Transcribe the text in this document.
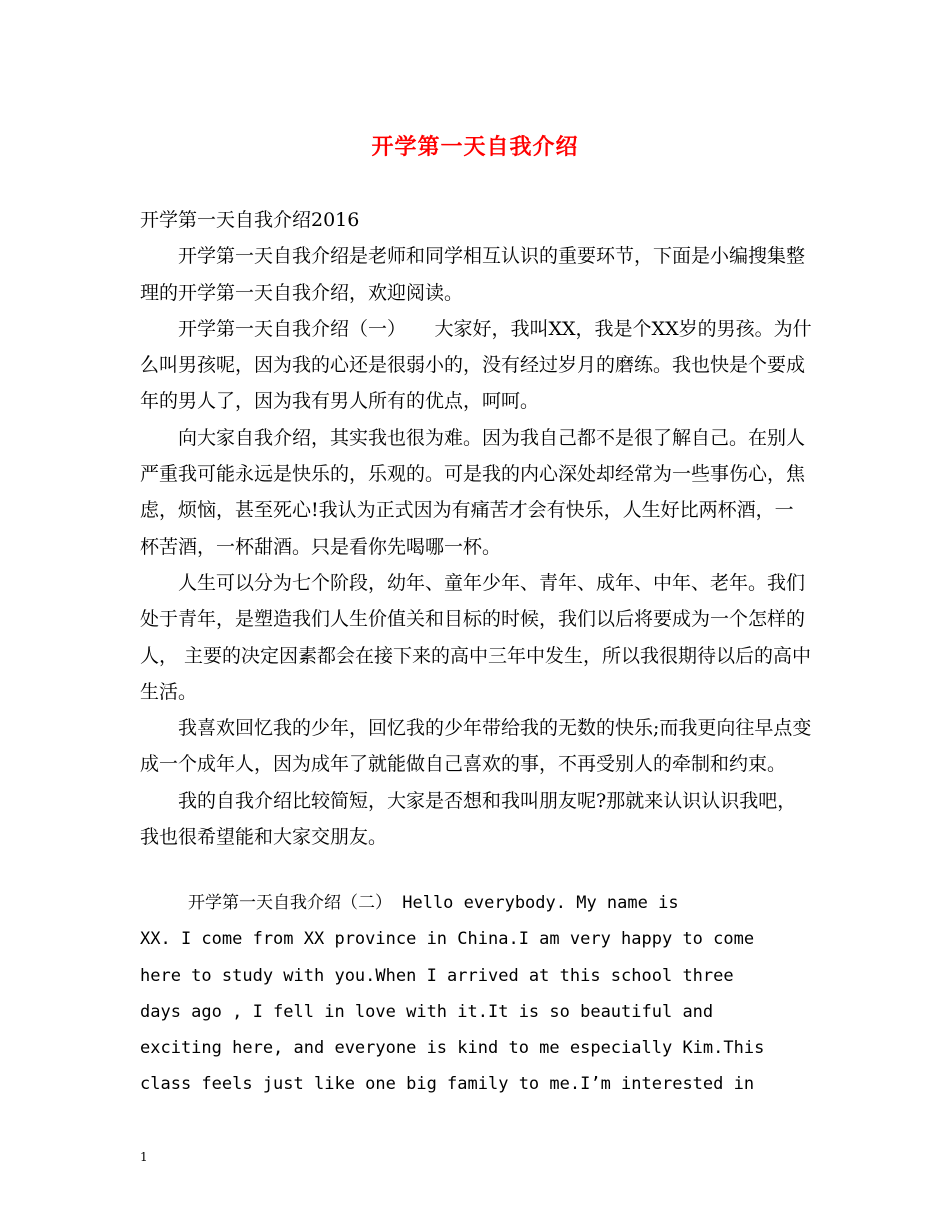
开学第一天自我介绍

开学第一天自我介绍2016

开学第一天自我介绍是老师和同学相互认识的重要环节，下面是小编搜集整理的开学第一天自我介绍，欢迎阅读。

开学第一天自我介绍（一）　　大家好，我叫XX，我是个XX岁的男孩。为什么叫男孩呢，因为我的心还是很弱小的，没有经过岁月的磨练。我也快是个要成年的男人了，因为我有男人所有的优点，呵呵。

向大家自我介绍，其实我也很为难。因为我自己都不是很了解自己。在别人严重我可能永远是快乐的，乐观的。可是我的内心深处却经常为一些事伤心，焦虑，烦恼，甚至死心!我认为正式因为有痛苦才会有快乐，人生好比两杯酒，一杯苦酒，一杯甜酒。只是看你先喝哪一杯。

人生可以分为七个阶段，幼年、童年少年、青年、成年、中年、老年。我们处于青年，是塑造我们人生价值关和目标的时候，我们以后将要成为一个怎样的人， 主要的决定因素都会在接下来的高中三年中发生，所以我很期待以后的高中生活。

我喜欢回忆我的少年，回忆我的少年带给我的无数的快乐;而我更向往早点变成一个成年人，因为成年了就能做自己喜欢的事，不再受别人的牵制和约束。

我的自我介绍比较简短，大家是否想和我叫朋友呢?那就来认识认识我吧，我也很希望能和大家交朋友。

开学第一天自我介绍（二） Hello everybody. My name is
XX. I come from XX province in China.I am very happy to come
here to study with you.When I arrived at this school three
days ago , I fell in love with it.It is so beautiful and
exciting here, and everyone is kind to me especially Kim.This
class feels just like one big family to me.I’m interested in
1
